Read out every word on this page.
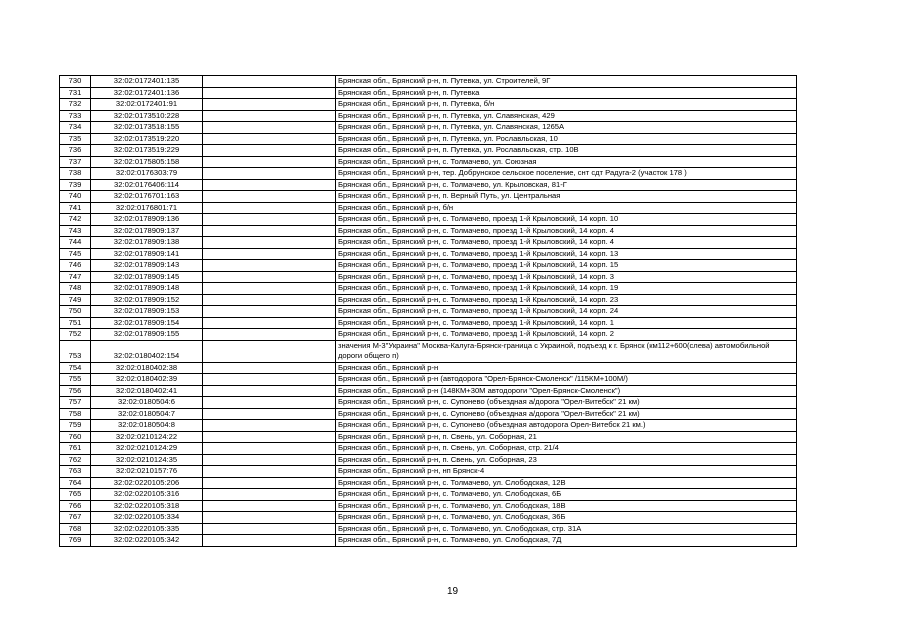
730	32:02:0172401:135		Брянская обл., Брянский р-н, п. Путевка, ул. Строителей, 9Г
731	32:02:0172401:136		Брянская обл., Брянский р-н, п. Путевка
732	32:02:0172401:91		Брянская обл., Брянский р-н, п. Путевка, б/н
733	32:02:0173510:228		Брянская обл., Брянский р-н, п. Путевка, ул. Славянская, 429
734	32:02:0173518:155		Брянская обл., Брянский р-н, п. Путевка, ул. Славянская, 1265А
735	32:02:0173519:220		Брянская обл., Брянский р-н, п. Путевка, ул. Рославльская, 10
736	32:02:0173519:229		Брянская обл., Брянский р-н, п. Путевка, ул. Рославльская, стр. 10В
737	32:02:0175805:158		Брянская обл., Брянский р-н, с. Толмачево, ул. Союзная
738	32:02:0176303:79		Брянская обл., Брянский р-н, тер. Добрунское сельское поселение, снт сдт Радуга-2 (участок 178 )
739	32:02:0176406:114		Брянская обл., Брянский р-н, с. Толмачево, ул. Крыловская, 81-Г
740	32:02:0176701:163		Брянская обл., Брянский р-н, п. Верный Путь, ул. Центральная
741	32:02:0176801:71		Брянская обл., Брянский р-н, б/н
742	32:02:0178909:136		Брянская обл., Брянский р-н, с. Толмачево, проезд 1-й Крыловский, 14 корп. 10
743	32:02:0178909:137		Брянская обл., Брянский р-н, с. Толмачево, проезд 1-й Крыловский, 14 корп. 4
744	32:02:0178909:138		Брянская обл., Брянский р-н, с. Толмачево, проезд 1-й Крыловский, 14 корп. 4
745	32:02:0178909:141		Брянская обл., Брянский р-н, с. Толмачево, проезд 1-й Крыловский, 14 корп. 13
746	32:02:0178909:143		Брянская обл., Брянский р-н, с. Толмачево, проезд 1-й Крыловский, 14 корп. 15
747	32:02:0178909:145		Брянская обл., Брянский р-н, с. Толмачево, проезд 1-й Крыловский, 14 корп. 3
748	32:02:0178909:148		Брянская обл., Брянский р-н, с. Толмачево, проезд 1-й Крыловский, 14 корп. 19
749	32:02:0178909:152		Брянская обл., Брянский р-н, с. Толмачево, проезд 1-й Крыловский, 14 корп. 23
750	32:02:0178909:153		Брянская обл., Брянский р-н, с. Толмачево, проезд 1-й Крыловский, 14 корп. 24
751	32:02:0178909:154		Брянская обл., Брянский р-н, с. Толмачево, проезд 1-й Крыловский, 14 корп. 1
752	32:02:0178909:155		Брянская обл., Брянский р-н, с. Толмачево, проезд 1-й Крыловский, 14 корп. 2
753	32:02:0180402:154		значения М-3"Украина" Москва-Калуга-Брянск-граница с Украиной, подъезд к г. Брянск (км112+600(слева) автомобильной дороги общего п)
754	32:02:0180402:38		Брянская обл., Брянский р-н
755	32:02:0180402:39		Брянская обл., Брянский р-н (автодорога "Орел-Брянск-Смоленск" /115КМ+100М/)
756	32:02:0180402:41		Брянская обл., Брянский р-н (148КМ+30М автодороги "Орел-Брянск-Смоленск")
757	32:02:0180504:6		Брянская обл., Брянский р-н, с. Супонево (объездная а/дорога "Орел-Витебск" 21 км)
758	32:02:0180504:7		Брянская обл., Брянский р-н, с. Супонево (объездная а/дорога "Орел-Витебск" 21 км)
759	32:02:0180504:8		Брянская обл., Брянский р-н, с. Супонево (объездная автодорога Орел-Витебск 21 км.)
760	32:02:0210124:22		Брянская обл., Брянский р-н, п. Свень, ул. Соборная, 21
761	32:02:0210124:29		Брянская обл., Брянский р-н, п. Свень, ул. Соборная, стр. 21/4
762	32:02:0210124:35		Брянская обл., Брянский р-н, п. Свень, ул. Соборная, 23
763	32:02:0210157:76		Брянская обл., Брянский р-н, нп Брянск-4
764	32:02:0220105:206		Брянская обл., Брянский р-н, с. Толмачево, ул. Слободская, 12В
765	32:02:0220105:316		Брянская обл., Брянский р-н, с. Толмачево, ул. Слободская, 6Б
766	32:02:0220105:318		Брянская обл., Брянский р-н, с. Толмачево, ул. Слободская, 18В
767	32:02:0220105:334		Брянская обл., Брянский р-н, с. Толмачево, ул. Слободская, 36Б
768	32:02:0220105:335		Брянская обл., Брянский р-н, с. Толмачево, ул. Слободская, стр. 31А
769	32:02:0220105:342		Брянская обл., Брянский р-н, с. Толмачево, ул. Слободская, 7Д
19
